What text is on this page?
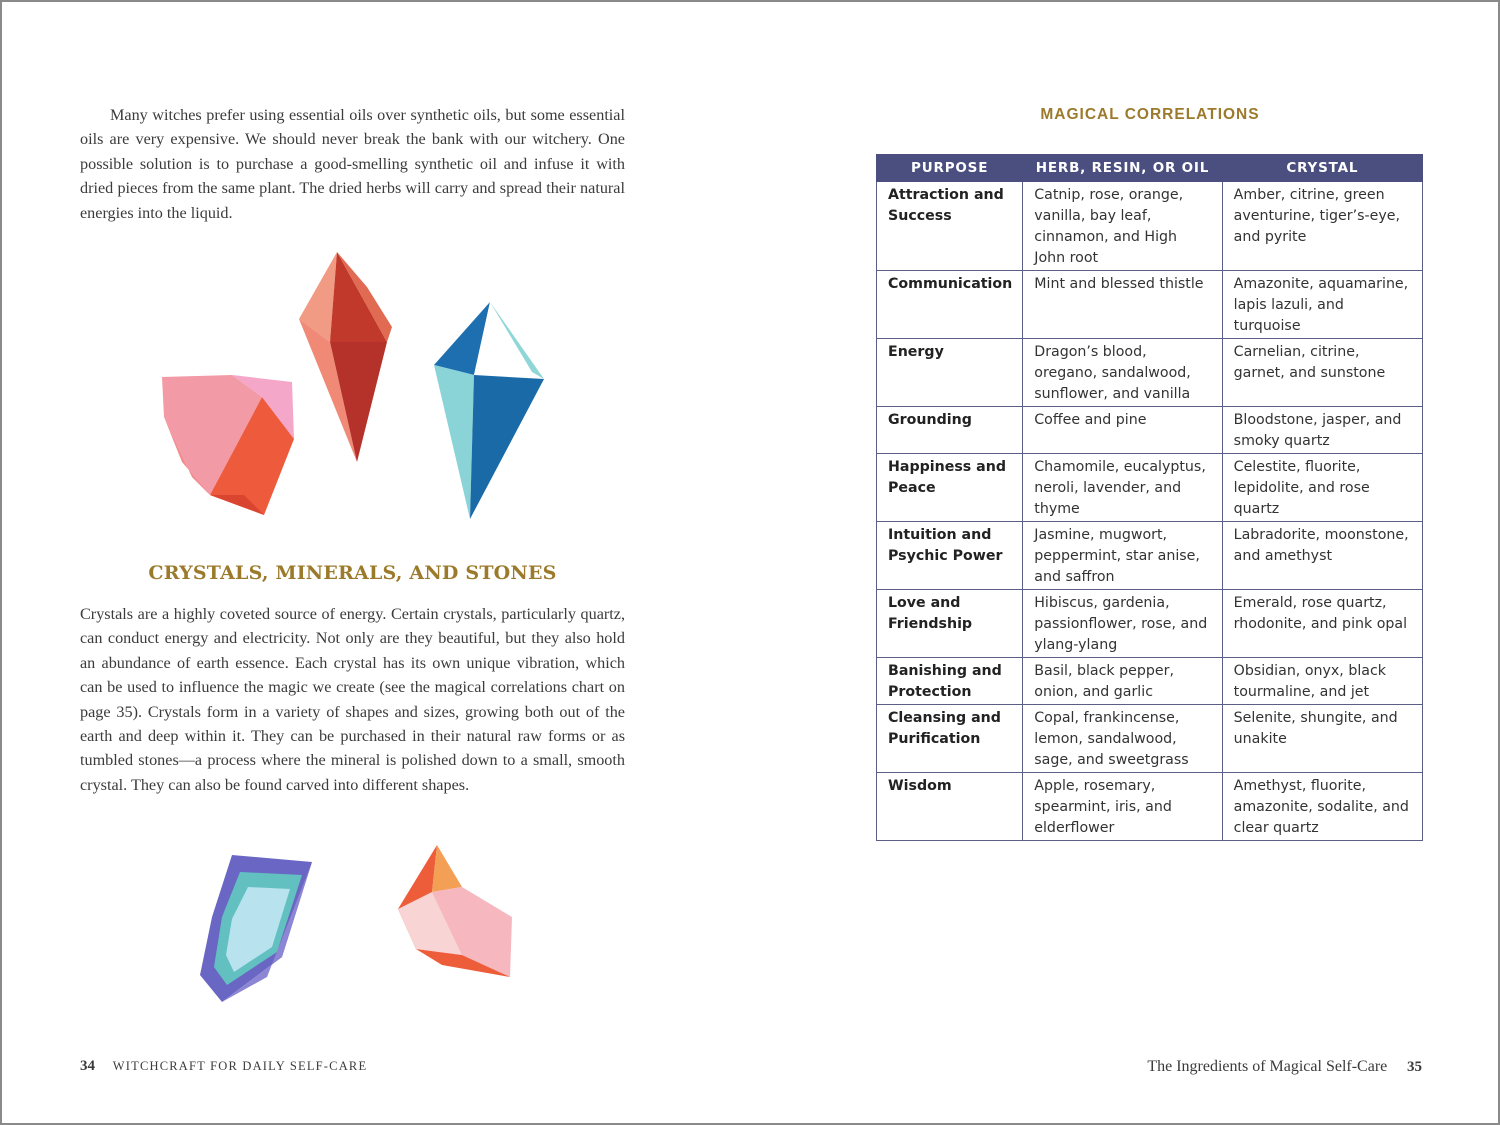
Many witches prefer using essential oils over synthetic oils, but some essential oils are very expensive. We should never break the bank with our witchery. One possible solution is to purchase a good-smelling synthetic oil and infuse it with dried pieces from the same plant. The dried herbs will carry and spread their natural energies into the liquid.

CRYSTALS, MINERALS, AND STONES

Crystals are a highly coveted source of energy. Certain crystals, particularly quartz, can conduct energy and electricity. Not only are they beautiful, but they also hold an abundance of earth essence. Each crystal has its own unique vibration, which can be used to influence the magic we create (see the magical correlations chart on page 35). Crystals form in a variety of shapes and sizes, growing both out of the earth and deep within it. They can be purchased in their natural raw forms or as tumbled stones—a process where the mineral is polished down to a small, smooth crystal. They can also be found carved into different shapes.

34 WITCHCRAFT FOR DAILY SELF-CARE
MAGICAL CORRELATIONS
PURPOSE	HERB, RESIN, OR OIL	CRYSTAL
Attraction and Success	Catnip, rose, orange, vanilla, bay leaf, cinnamon, and High John root	Amber, citrine, green aventurine, tiger’s-eye, and pyrite
Communication	Mint and blessed thistle	Amazonite, aquamarine, lapis lazuli, and turquoise
Energy	Dragon’s blood, oregano, sandalwood, sunflower, and vanilla	Carnelian, citrine, garnet, and sunstone
Grounding	Coffee and pine	Bloodstone, jasper, and smoky quartz
Happiness and Peace	Chamomile, eucalyptus, neroli, lavender, and thyme	Celestite, fluorite, lepidolite, and rose quartz
Intuition and Psychic Power	Jasmine, mugwort, peppermint, star anise, and saffron	Labradorite, moonstone, and amethyst
Love and Friendship	Hibiscus, gardenia, passionflower, rose, and ylang-ylang	Emerald, rose quartz, rhodonite, and pink opal
Banishing and Protection	Basil, black pepper, onion, and garlic	Obsidian, onyx, black tourmaline, and jet
Cleansing and Purification	Copal, frankincense, lemon, sandalwood, sage, and sweetgrass	Selenite, shungite, and unakite
Wisdom	Apple, rosemary, spearmint, iris, and elderflower	Amethyst, fluorite, amazonite, sodalite, and clear quartz
The Ingredients of Magical Self-Care 35
